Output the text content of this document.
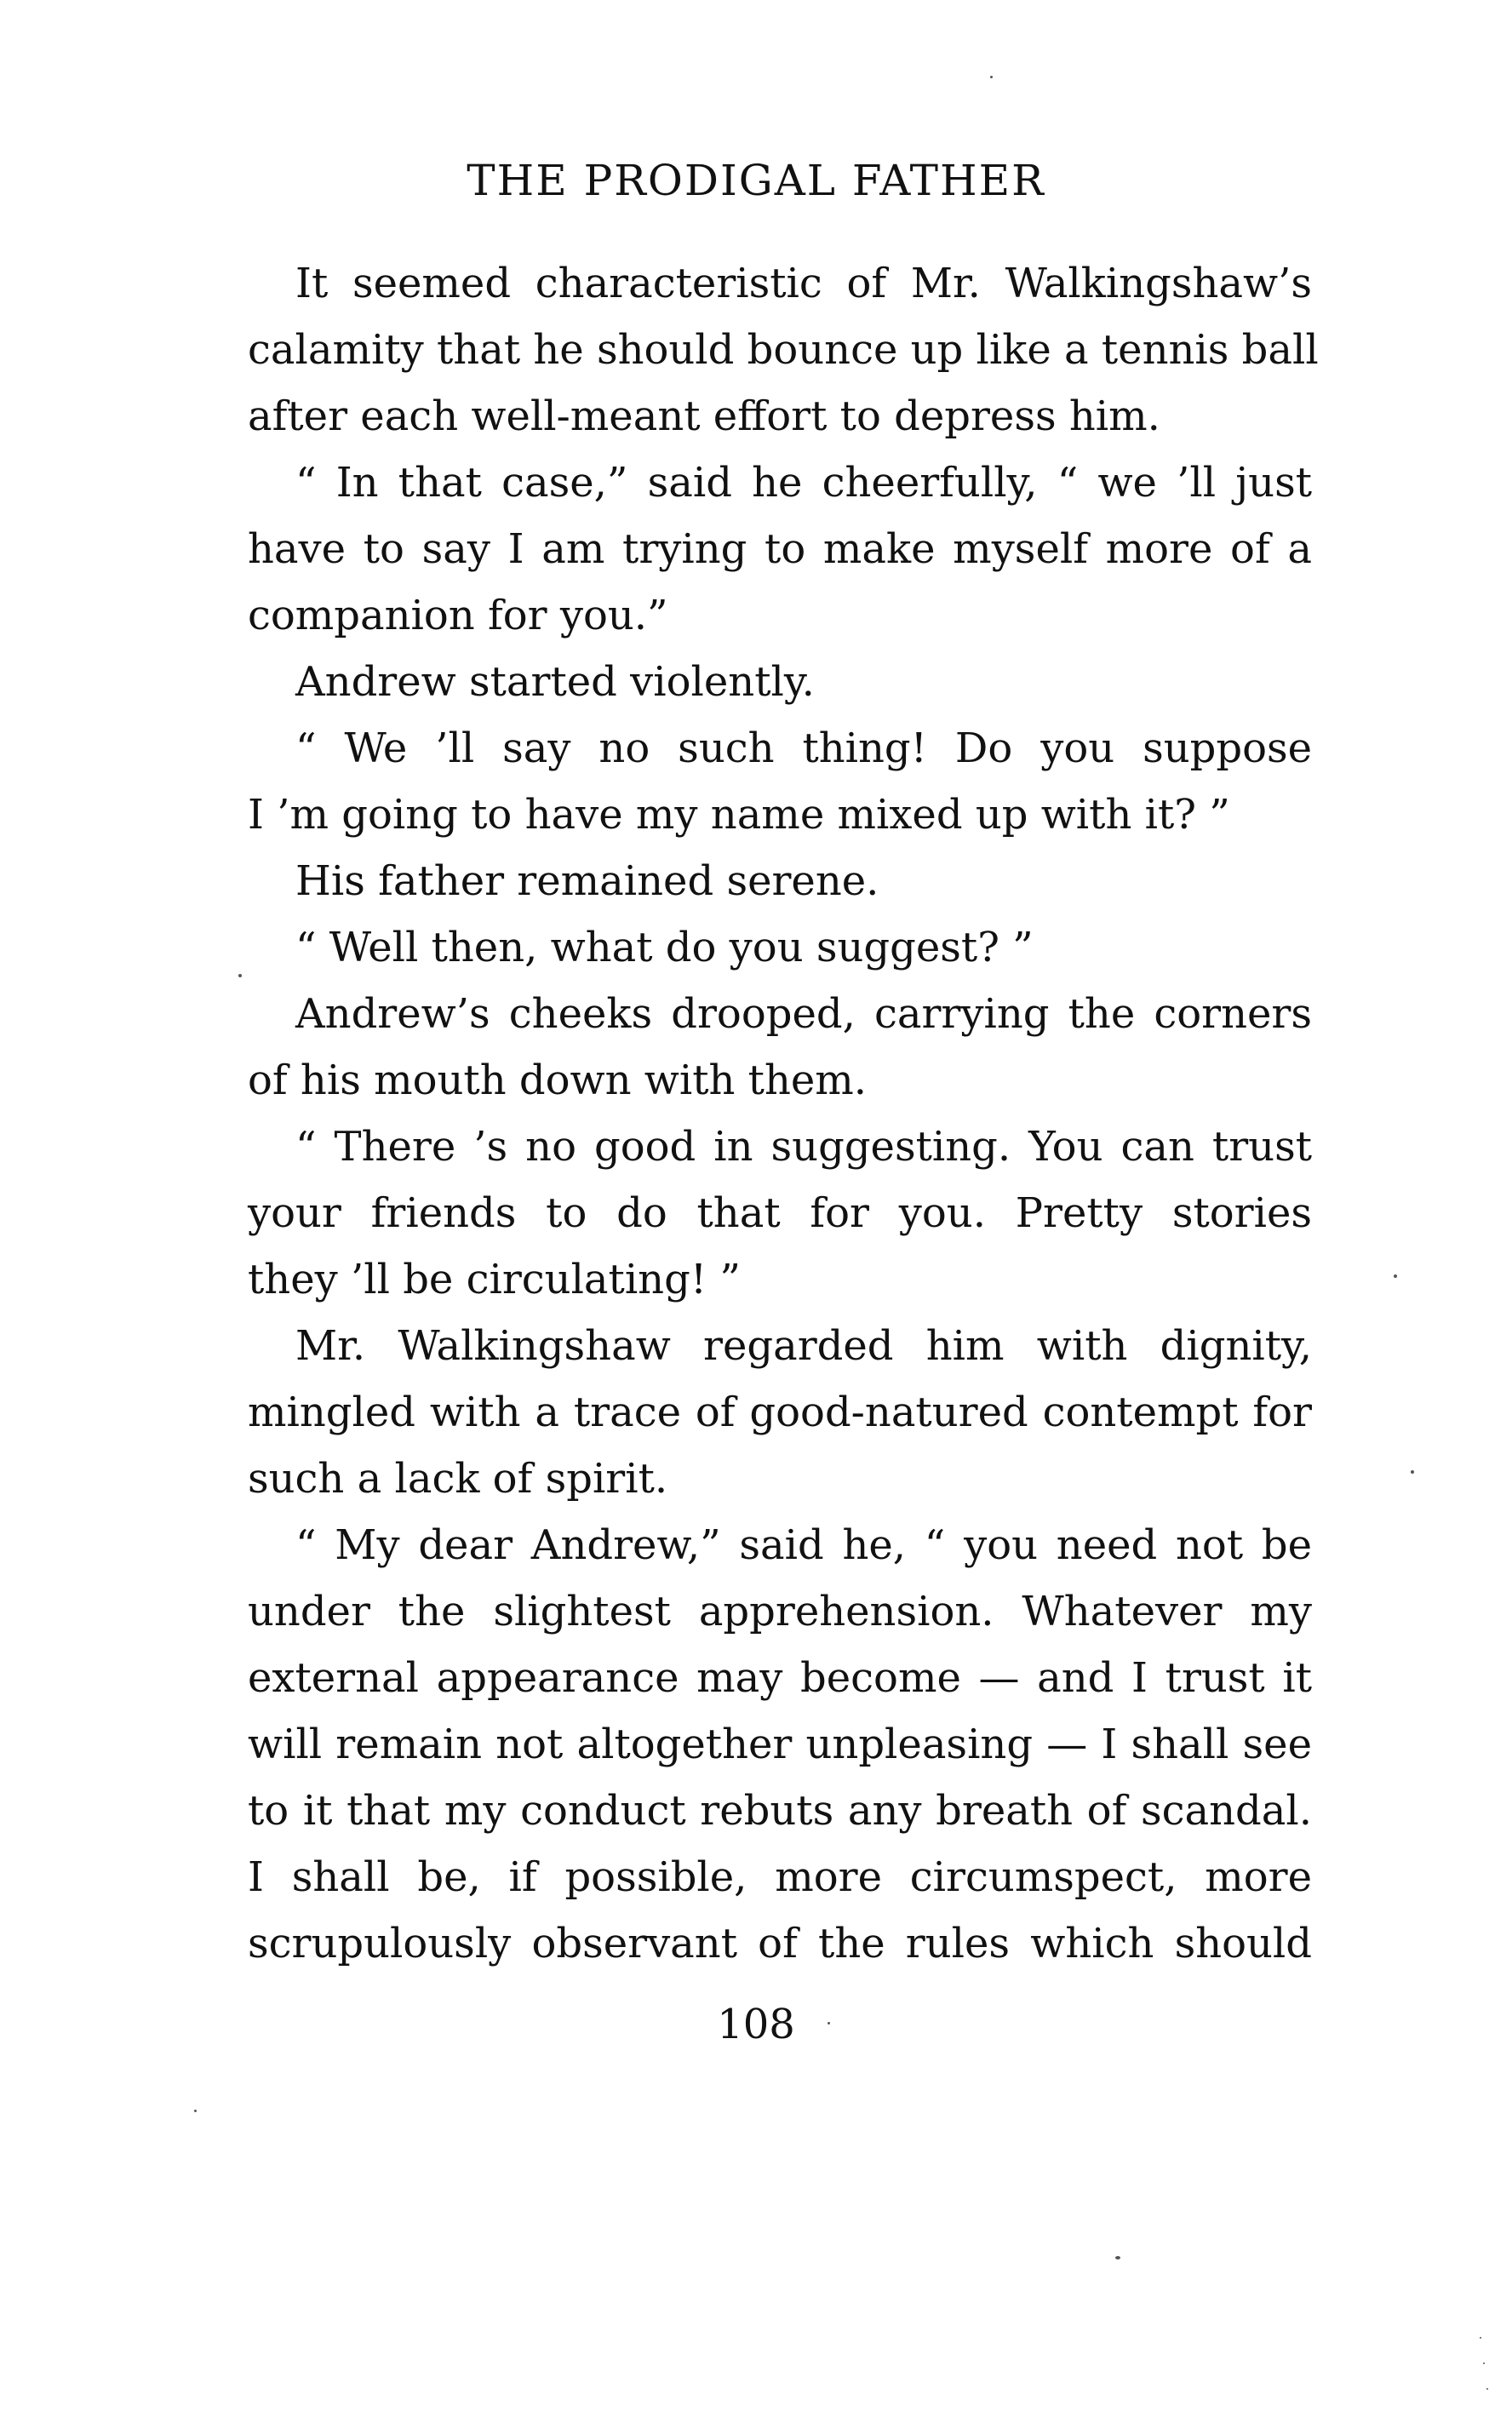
THE PRODIGAL FATHER
It seemed characteristic of Mr. Walkingshaw’s
calamity that he should bounce up like a tennis ball
after each well-meant effort to depress him.
“ In that case,” said he cheerfully, “ we ’ll just
have to say I am trying to make myself more of a
companion for you.”
Andrew started violently.
“ We ’ll say no such thing! Do you suppose
I ’m going to have my name mixed up with it? ”
His father remained serene.
“ Well then, what do you suggest? ”
Andrew’s cheeks drooped, carrying the corners
of his mouth down with them.
“ There ’s no good in suggesting. You can trust
your friends to do that for you. Pretty stories
they ’ll be circulating! ”
Mr. Walkingshaw regarded him with dignity,
mingled with a trace of good-natured contempt for
such a lack of spirit.
“ My dear Andrew,” said he, “ you need not be
under the slightest apprehension. Whatever my
external appearance may become — and I trust it
will remain not altogether unpleasing — I shall see
to it that my conduct rebuts any breath of scandal.
I shall be, if possible, more circumspect, more
scrupulously observant of the rules which should
108
